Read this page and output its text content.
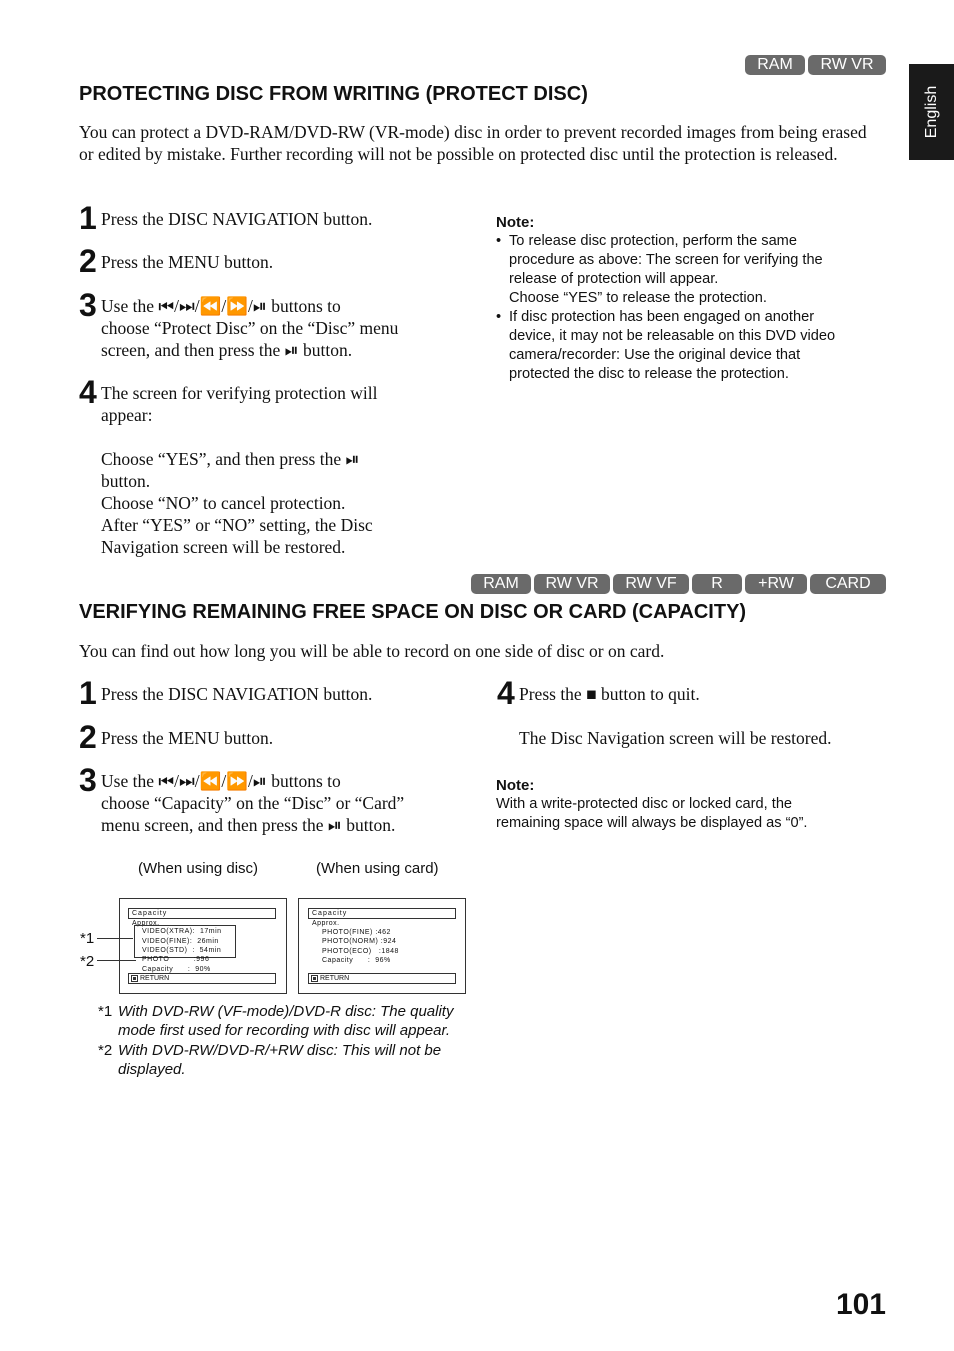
English
RAM	RW VR
PROTECTING DISC FROM WRITING (PROTECT DISC)

You can protect a DVD-RAM/DVD-RW (VR-mode) disc in order to prevent recorded images from being erased or edited by mistake. Further recording will not be possible on protected disc until the protection is released.

1 Press the DISC NAVIGATION button.
2 Press the MENU button.
3 Use the ⏮/⏭/⏪/⏩/⏯ buttons to
choose “Protect Disc” on the “Disc” menu
screen, and then press the ⏯ button.
4 The screen for verifying protection will
appear:

Choose “YES”, and then press the ⏯
button.
Choose “NO” to cancel protection.
After “YES” or “NO” setting, the Disc
Navigation screen will be restored.
Note:
• To release disc protection, perform the same
procedure as above: The screen for verifying the
release of protection will appear.
Choose “YES” to release the protection.
• If disc protection has been engaged on another
device, it may not be releasable on this DVD video
camera/recorder: Use the original device that
protected the disc to release the protection.
RAM	RW VR	RW VF	R	+RW	CARD
VERIFYING REMAINING FREE SPACE ON DISC OR CARD (CAPACITY)

You can find out how long you will be able to record on one side of disc or on card.

1 Press the DISC NAVIGATION button.
2 Press the MENU button.
3 Use the ⏮/⏭/⏪/⏩/⏯ buttons to
choose “Capacity” on the “Disc” or “Card”
menu screen, and then press the ⏯ button.
4 Press the ■ button to quit.
The Disc Navigation screen will be restored.
Note:
With a write-protected disc or locked card, the
remaining space will always be displayed as “0”.
(When using disc)	(When using card)
Capacity
Approx.
VIDEO(XTRA):  17min
VIDEO(FINE):  26min
VIDEO(STD)  :  54min
PHOTO          :996
Capacity      :  90%
RETURN
*1
*2
Capacity
Approx.
PHOTO(FINE) :462
PHOTO(NORM) :924
PHOTO(ECO)   :1848
Capacity      :  96%
RETURN
*1 With DVD-RW (VF-mode)/DVD-R disc: The quality
mode first used for recording with disc will appear.
*2 With DVD-RW/DVD-R/+RW disc: This will not be
displayed.
101
